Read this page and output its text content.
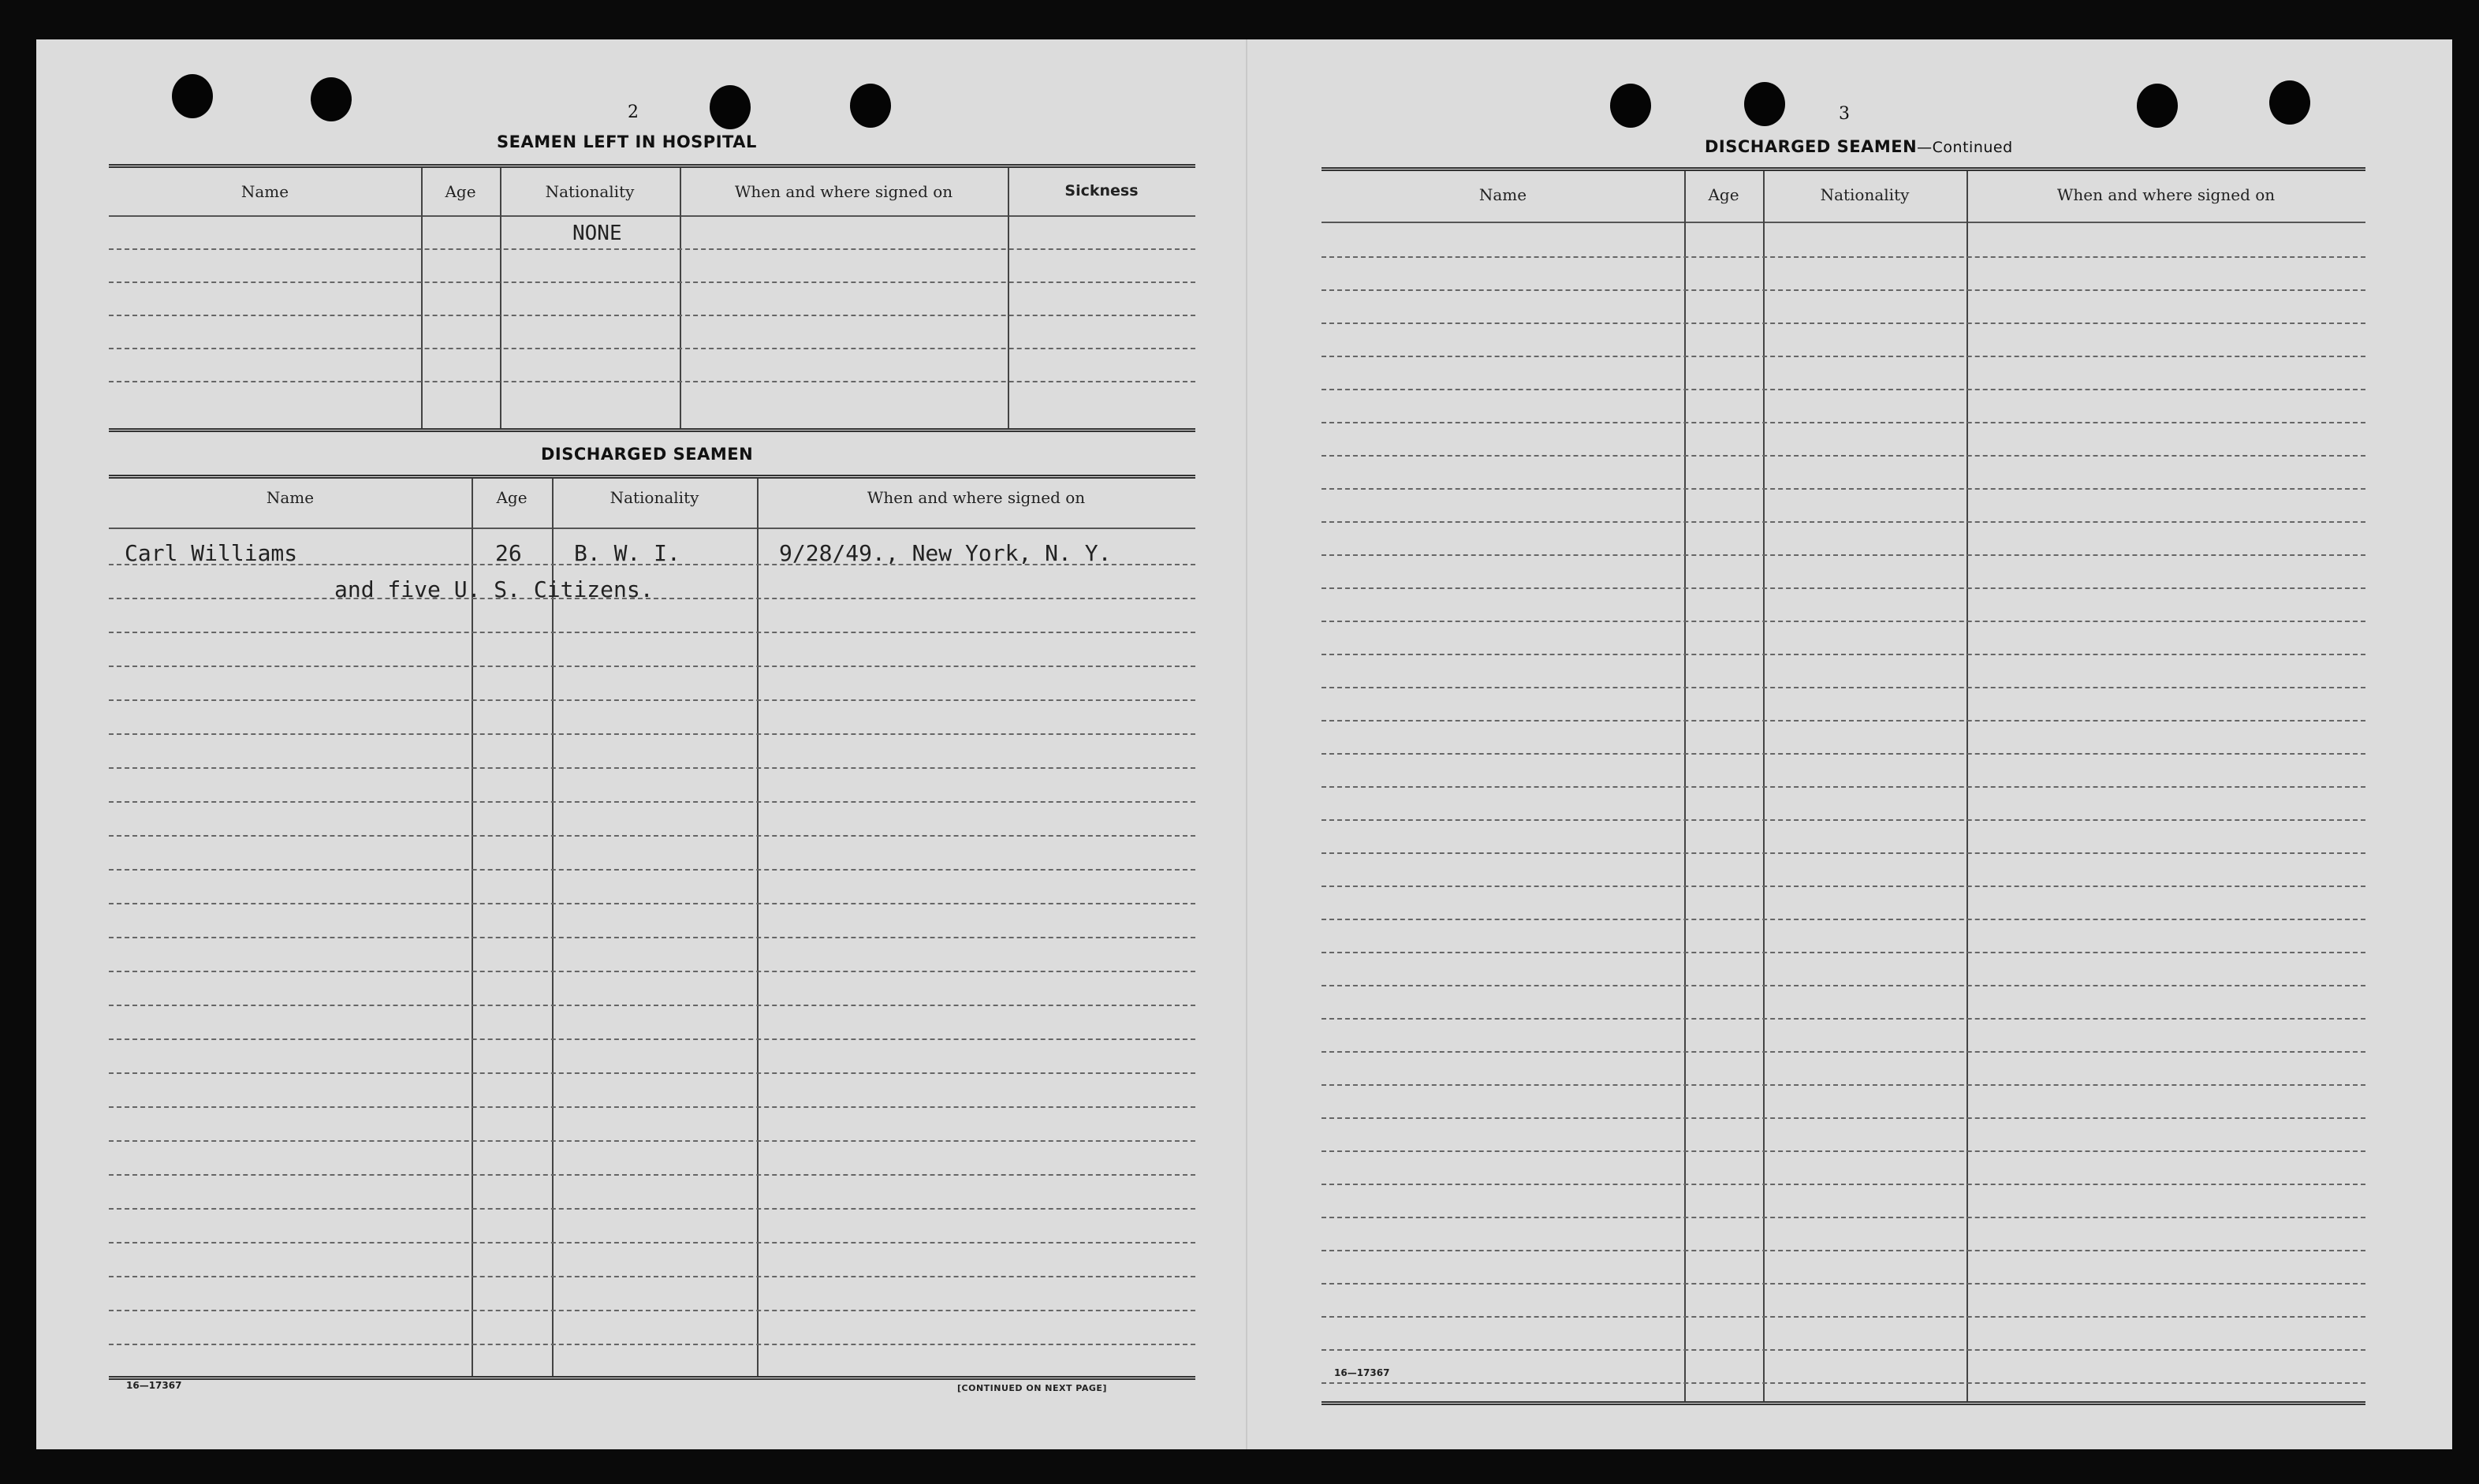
2
SEAMEN LEFT IN HOSPITAL
Name	Age	Nationality	When and where signed on	Sickness
NONE
DISCHARGED SEAMEN
Name	Age	Nationality	When and where signed on
Carl Williams	26 B. W. I.	9/28/49., New York, N. Y.
and five U. S. Citizens.
16—17367	[CONTINUED ON NEXT PAGE]
3
DISCHARGED SEAMEN—Continued
Name	Age	Nationality	When and where signed on
16—17367
